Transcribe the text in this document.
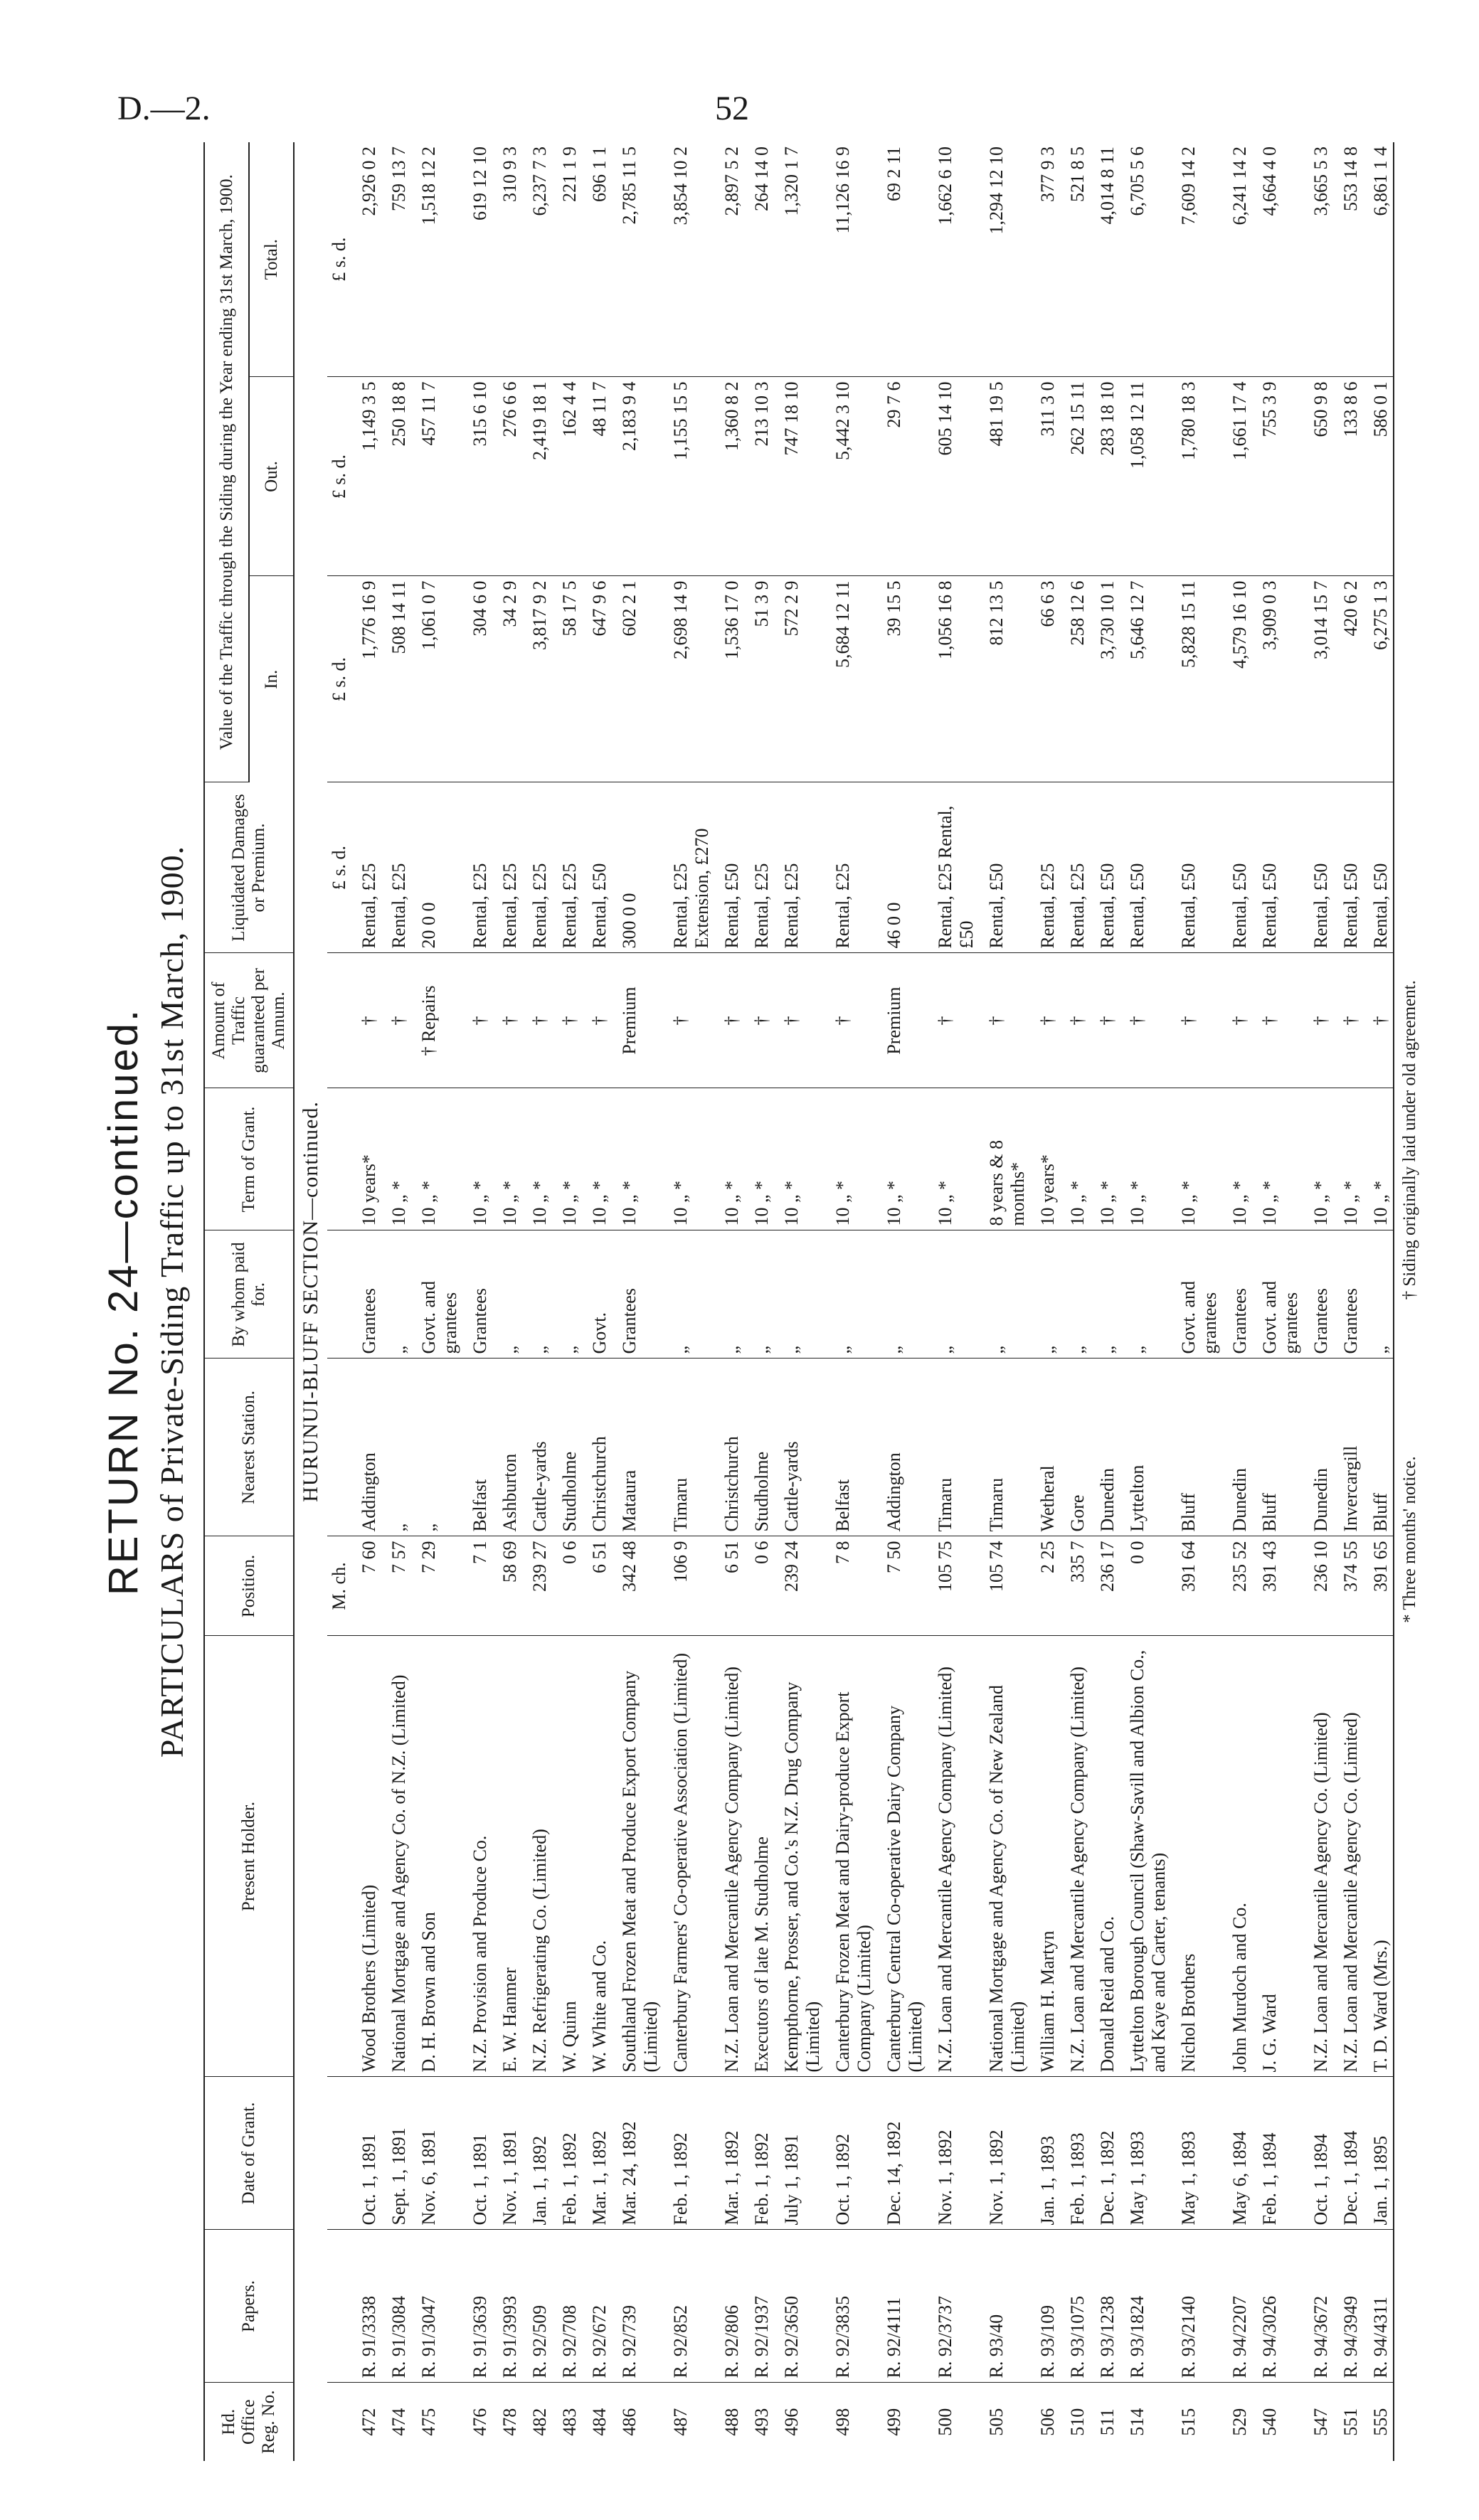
D.—2.	52
RETURN No. 24—continued. PARTICULARS of Private-Siding Traffic up to 31st March, 1900.
Hd. Office Reg. No.	Papers.	Date of Grant.	Present Holder.	Position.	Nearest Station.	By whom paid for.	Term of Grant.	Amount of Traffic guaranteed per Annum.	Liquidated Damages or Premium.	Value of the Traffic through the Siding during the Year ending 31st March, 1900.		
										In.	Out.	Total.
HURUNUI-BLUFF SECTION—continued.												
				M. ch.					£ s. d.	£ s. d.	£ s. d.	£ s. d.
472	R. 91/3338	Oct. 1, 1891	Wood Brothers (Limited)	7 60	Addington	Grantees	10 years*	†	Rental, £25	1,776 16 9	1,149 3 5	2,926 0 2
474	R. 91/3084	Sept. 1, 1891	National Mortgage and Agency Co. of N.Z. (Limited)	7 57	„	„	10 „ *	†	Rental, £25	508 14 11	250 18 8	759 13 7
475	R. 91/3047	Nov. 6, 1891	D. H. Brown and Son	7 29	„	Govt. and grantees	10 „ *	† Repairs	20 0 0	1,061 0 7	457 11 7	1,518 12 2
476	R. 91/3639	Oct. 1, 1891	N.Z. Provision and Produce Co.	7 1	Belfast	Grantees	10 „ *	†	Rental, £25	304 6 0	315 6 10	619 12 10
478	R. 91/3993	Nov. 1, 1891	E. W. Hanmer	58 69	Ashburton	„	10 „ *	†	Rental, £25	34 2 9	276 6 6	310 9 3
482	R. 92/509	Jan. 1, 1892	N.Z. Refrigerating Co. (Limited)	239 27	Cattle-yards	„	10 „ *	†	Rental, £25	3,817 9 2	2,419 18 1	6,237 7 3
483	R. 92/708	Feb. 1, 1892	W. Quinn	0 6	Studholme	„	10 „ *	†	Rental, £25	58 17 5	162 4 4	221 1 9
484	R. 92/672	Mar. 1, 1892	W. White and Co.	6 51	Christchurch	Govt.	10 „ *	†	Rental, £50	647 9 6	48 11 7	696 1 1
486	R. 92/739	Mar. 24, 1892	Southland Frozen Meat and Produce Export Company (Limited)	342 48	Mataura	Grantees	10 „ *	Premium	300 0 0	602 2 1	2,183 9 4	2,785 11 5
487	R. 92/852	Feb. 1, 1892	Canterbury Farmers' Co-operative Association (Limited)	106 9	Timaru	„	10 „ *	†	Rental, £25 Extension, £270	2,698 14 9	1,155 15 5	3,854 10 2
488	R. 92/806	Mar. 1, 1892	N.Z. Loan and Mercantile Agency Company (Limited)	6 51	Christchurch	„	10 „ *	†	Rental, £50	1,536 17 0	1,360 8 2	2,897 5 2
493	R. 92/1937	Feb. 1, 1892	Executors of late M. Studholme	0 6	Studholme	„	10 „ *	†	Rental, £25	51 3 9	213 10 3	264 14 0
496	R. 92/3650	July 1, 1891	Kempthorne, Prosser, and Co.'s N.Z. Drug Company (Limited)	239 24	Cattle-yards	„	10 „ *	†	Rental, £25	572 2 9	747 18 10	1,320 1 7
498	R. 92/3835	Oct. 1, 1892	Canterbury Frozen Meat and Dairy-produce Export Company (Limited)	7 8	Belfast	„	10 „ *	†	Rental, £25	5,684 12 11	5,442 3 10	11,126 16 9
499	R. 92/4111	Dec. 14, 1892	Canterbury Central Co-operative Dairy Company (Limited)	7 50	Addington	„	10 „ *	Premium	46 0 0	39 15 5	29 7 6	69 2 11
500	R. 92/3737	Nov. 1, 1892	N.Z. Loan and Mercantile Agency Company (Limited)	105 75	Timaru	„	10 „ *	†	Rental, £25 Rental, £50	1,056 16 8	605 14 10	1,662 6 10
505	R. 93/40	Nov. 1, 1892	National Mortgage and Agency Co. of New Zealand (Limited)	105 74	Timaru	„	8 years & 8 months*	†	Rental, £50	812 13 5	481 19 5	1,294 12 10
506	R. 93/109	Jan. 1, 1893	William H. Martyn	2 25	Wetheral	„	10 years*	†	Rental, £25	66 6 3	311 3 0	377 9 3
510	R. 93/1075	Feb. 1, 1893	N.Z. Loan and Mercantile Agency Company (Limited)	335 7	Gore	„	10 „ *	†	Rental, £25	258 12 6	262 15 11	521 8 5
511	R. 93/1238	Dec. 1, 1892	Donald Reid and Co.	236 17	Dunedin	„	10 „ *	†	Rental, £50	3,730 10 1	283 18 10	4,014 8 11
514	R. 93/1824	May 1, 1893	Lyttelton Borough Council (Shaw-Savill and Albion Co., and Kaye and Carter, tenants)	0 0	Lyttelton	„	10 „ *	†	Rental, £50	5,646 12 7	1,058 12 11	6,705 5 6
515	R. 93/2140	May 1, 1893	Nichol Brothers	391 64	Bluff	Govt. and grantees	10 „ *	†	Rental, £50	5,828 15 11	1,780 18 3	7,609 14 2
529	R. 94/2207	May 6, 1894	John Murdoch and Co.	235 52	Dunedin	Grantees	10 „ *	†	Rental, £50	4,579 16 10	1,661 17 4	6,241 14 2
540	R. 94/3026	Feb. 1, 1894	J. G. Ward	391 43	Bluff	Govt. and grantees	10 „ *	†	Rental, £50	3,909 0 3	755 3 9	4,664 4 0
547	R. 94/3672	Oct. 1, 1894	N.Z. Loan and Mercantile Agency Co. (Limited)	236 10	Dunedin	Grantees	10 „ *	†	Rental, £50	3,014 15 7	650 9 8	3,665 5 3
551	R. 94/3949	Dec. 1, 1894	N.Z. Loan and Mercantile Agency Co. (Limited)	374 55	Invercargill	Grantees	10 „ *	†	Rental, £50	420 6 2	133 8 6	553 14 8
555	R. 94/4311	Jan. 1, 1895	T. D. Ward (Mrs.)	391 65	Bluff	„	10 „ *	†	Rental, £50	6,275 1 3	586 0 1	6,861 1 4
* Three months' notice.
† Siding originally laid under old agreement.
